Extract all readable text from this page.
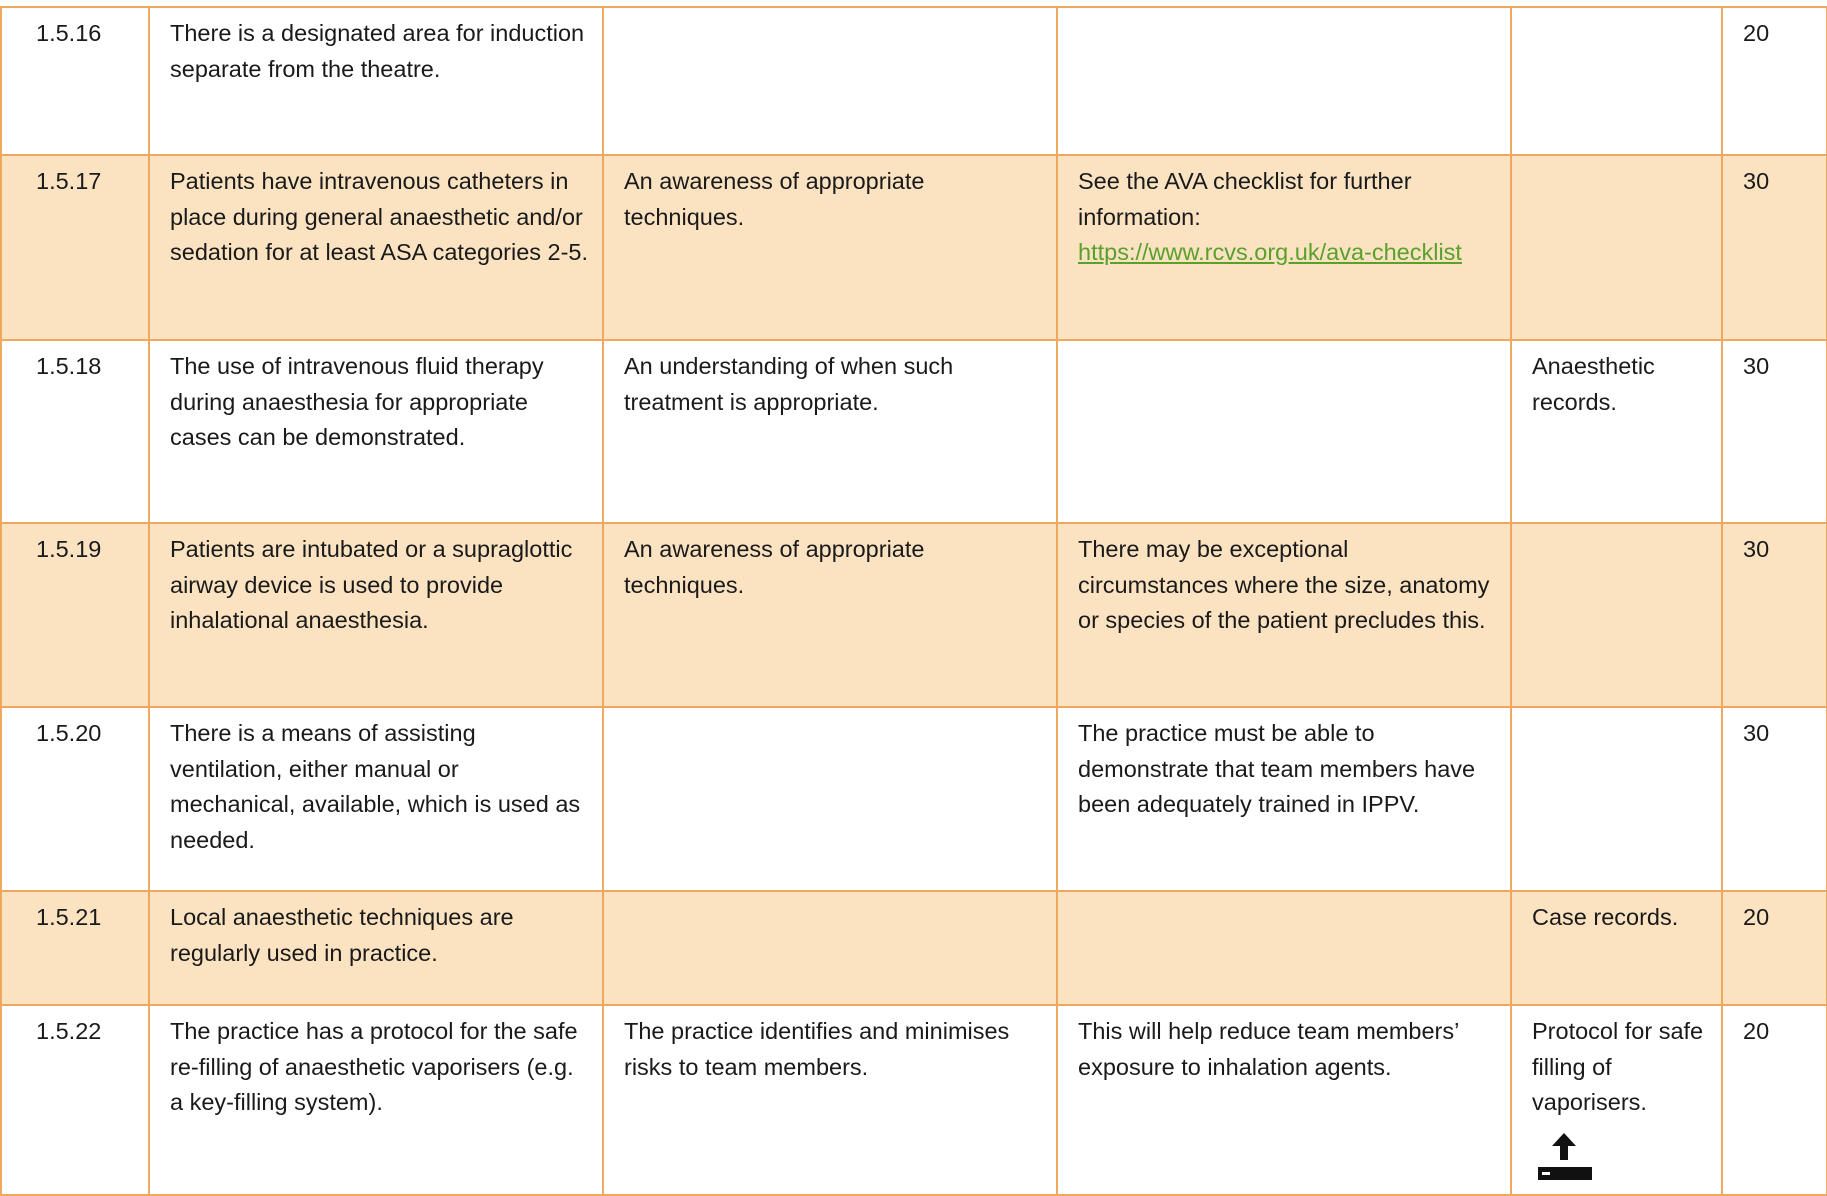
1.5.16	There is a designated area for induction separate from the theatre.				20
1.5.17	Patients have intravenous catheters in place during general anaesthetic and/or sedation for at least ASA categories 2-5.	An awareness of appropriate techniques.	See the AVA checklist for further information: https://www.rcvs.org.uk/ava-checklist		30
1.5.18	The use of intravenous fluid therapy during anaesthesia for appropriate cases can be demonstrated.	An understanding of when such treatment is appropriate.		Anaesthetic records.	30
1.5.19	Patients are intubated or a supraglottic airway device is used to provide inhalational anaesthesia.	An awareness of appropriate techniques.	There may be exceptional circumstances where the size, anatomy or species of the patient precludes this.		30
1.5.20	There is a means of assisting ventilation, either manual or mechanical, available, which is used as needed.		The practice must be able to demonstrate that team members have been adequately trained in IPPV.		30
1.5.21	Local anaesthetic techniques are regularly used in practice.			Case records.	20
1.5.22	The practice has a protocol for the safe re-filling of anaesthetic vaporisers (e.g. a key-filling system).	The practice identifies and minimises risks to team members.	This will help reduce team members’ exposure to inhalation agents.	Protocol for safe filling of vaporisers.	20
